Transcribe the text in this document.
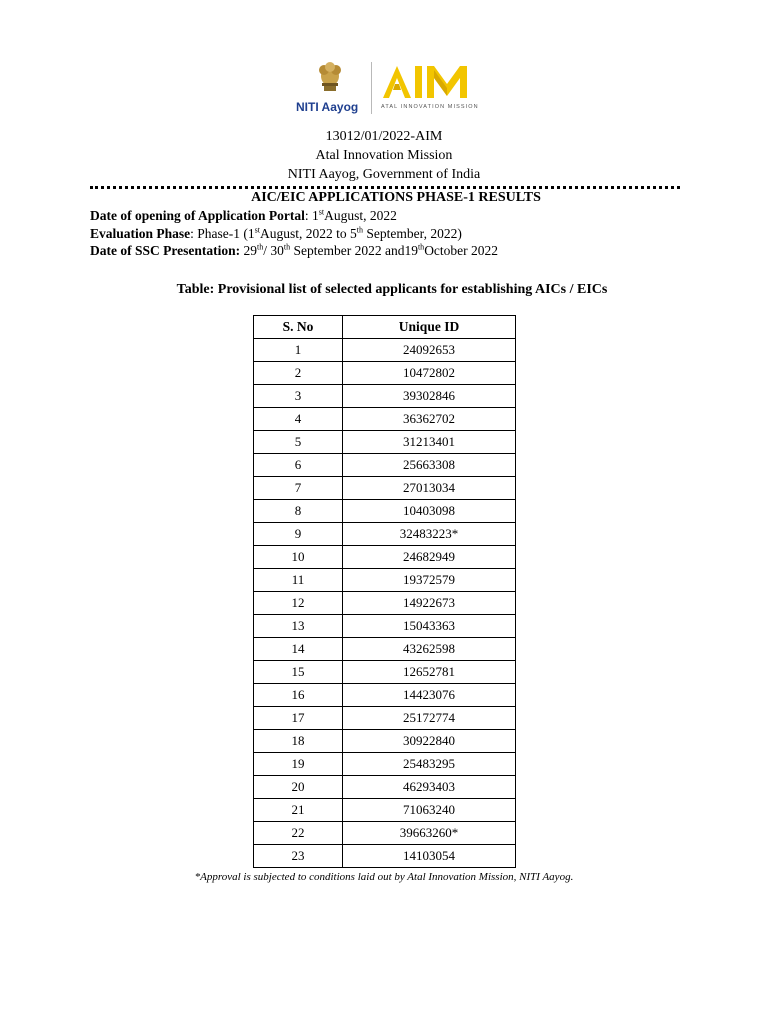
NITI Aayog	ATAL INNOVATION MISSION
13012/01/2022-AIM
Atal Innovation Mission
NITI Aayog, Government of India
AIC/EIC APPLICATIONS PHASE-1 RESULTS
Date of opening of Application Portal: 1stAugust, 2022
Evaluation Phase: Phase-1 (1stAugust, 2022 to 5th September, 2022)
Date of SSC Presentation: 29th/ 30th September 2022 and19thOctober 2022
Table: Provisional list of selected applicants for establishing AICs / EICs
S. No	Unique ID
1	24092653
2	10472802
3	39302846
4	36362702
5	31213401
6	25663308
7	27013034
8	10403098
9	32483223*
10	24682949
11	19372579
12	14922673
13	15043363
14	43262598
15	12652781
16	14423076
17	25172774
18	30922840
19	25483295
20	46293403
21	71063240
22	39663260*
23	14103054
*Approval is subjected to conditions laid out by Atal Innovation Mission, NITI Aayog.
